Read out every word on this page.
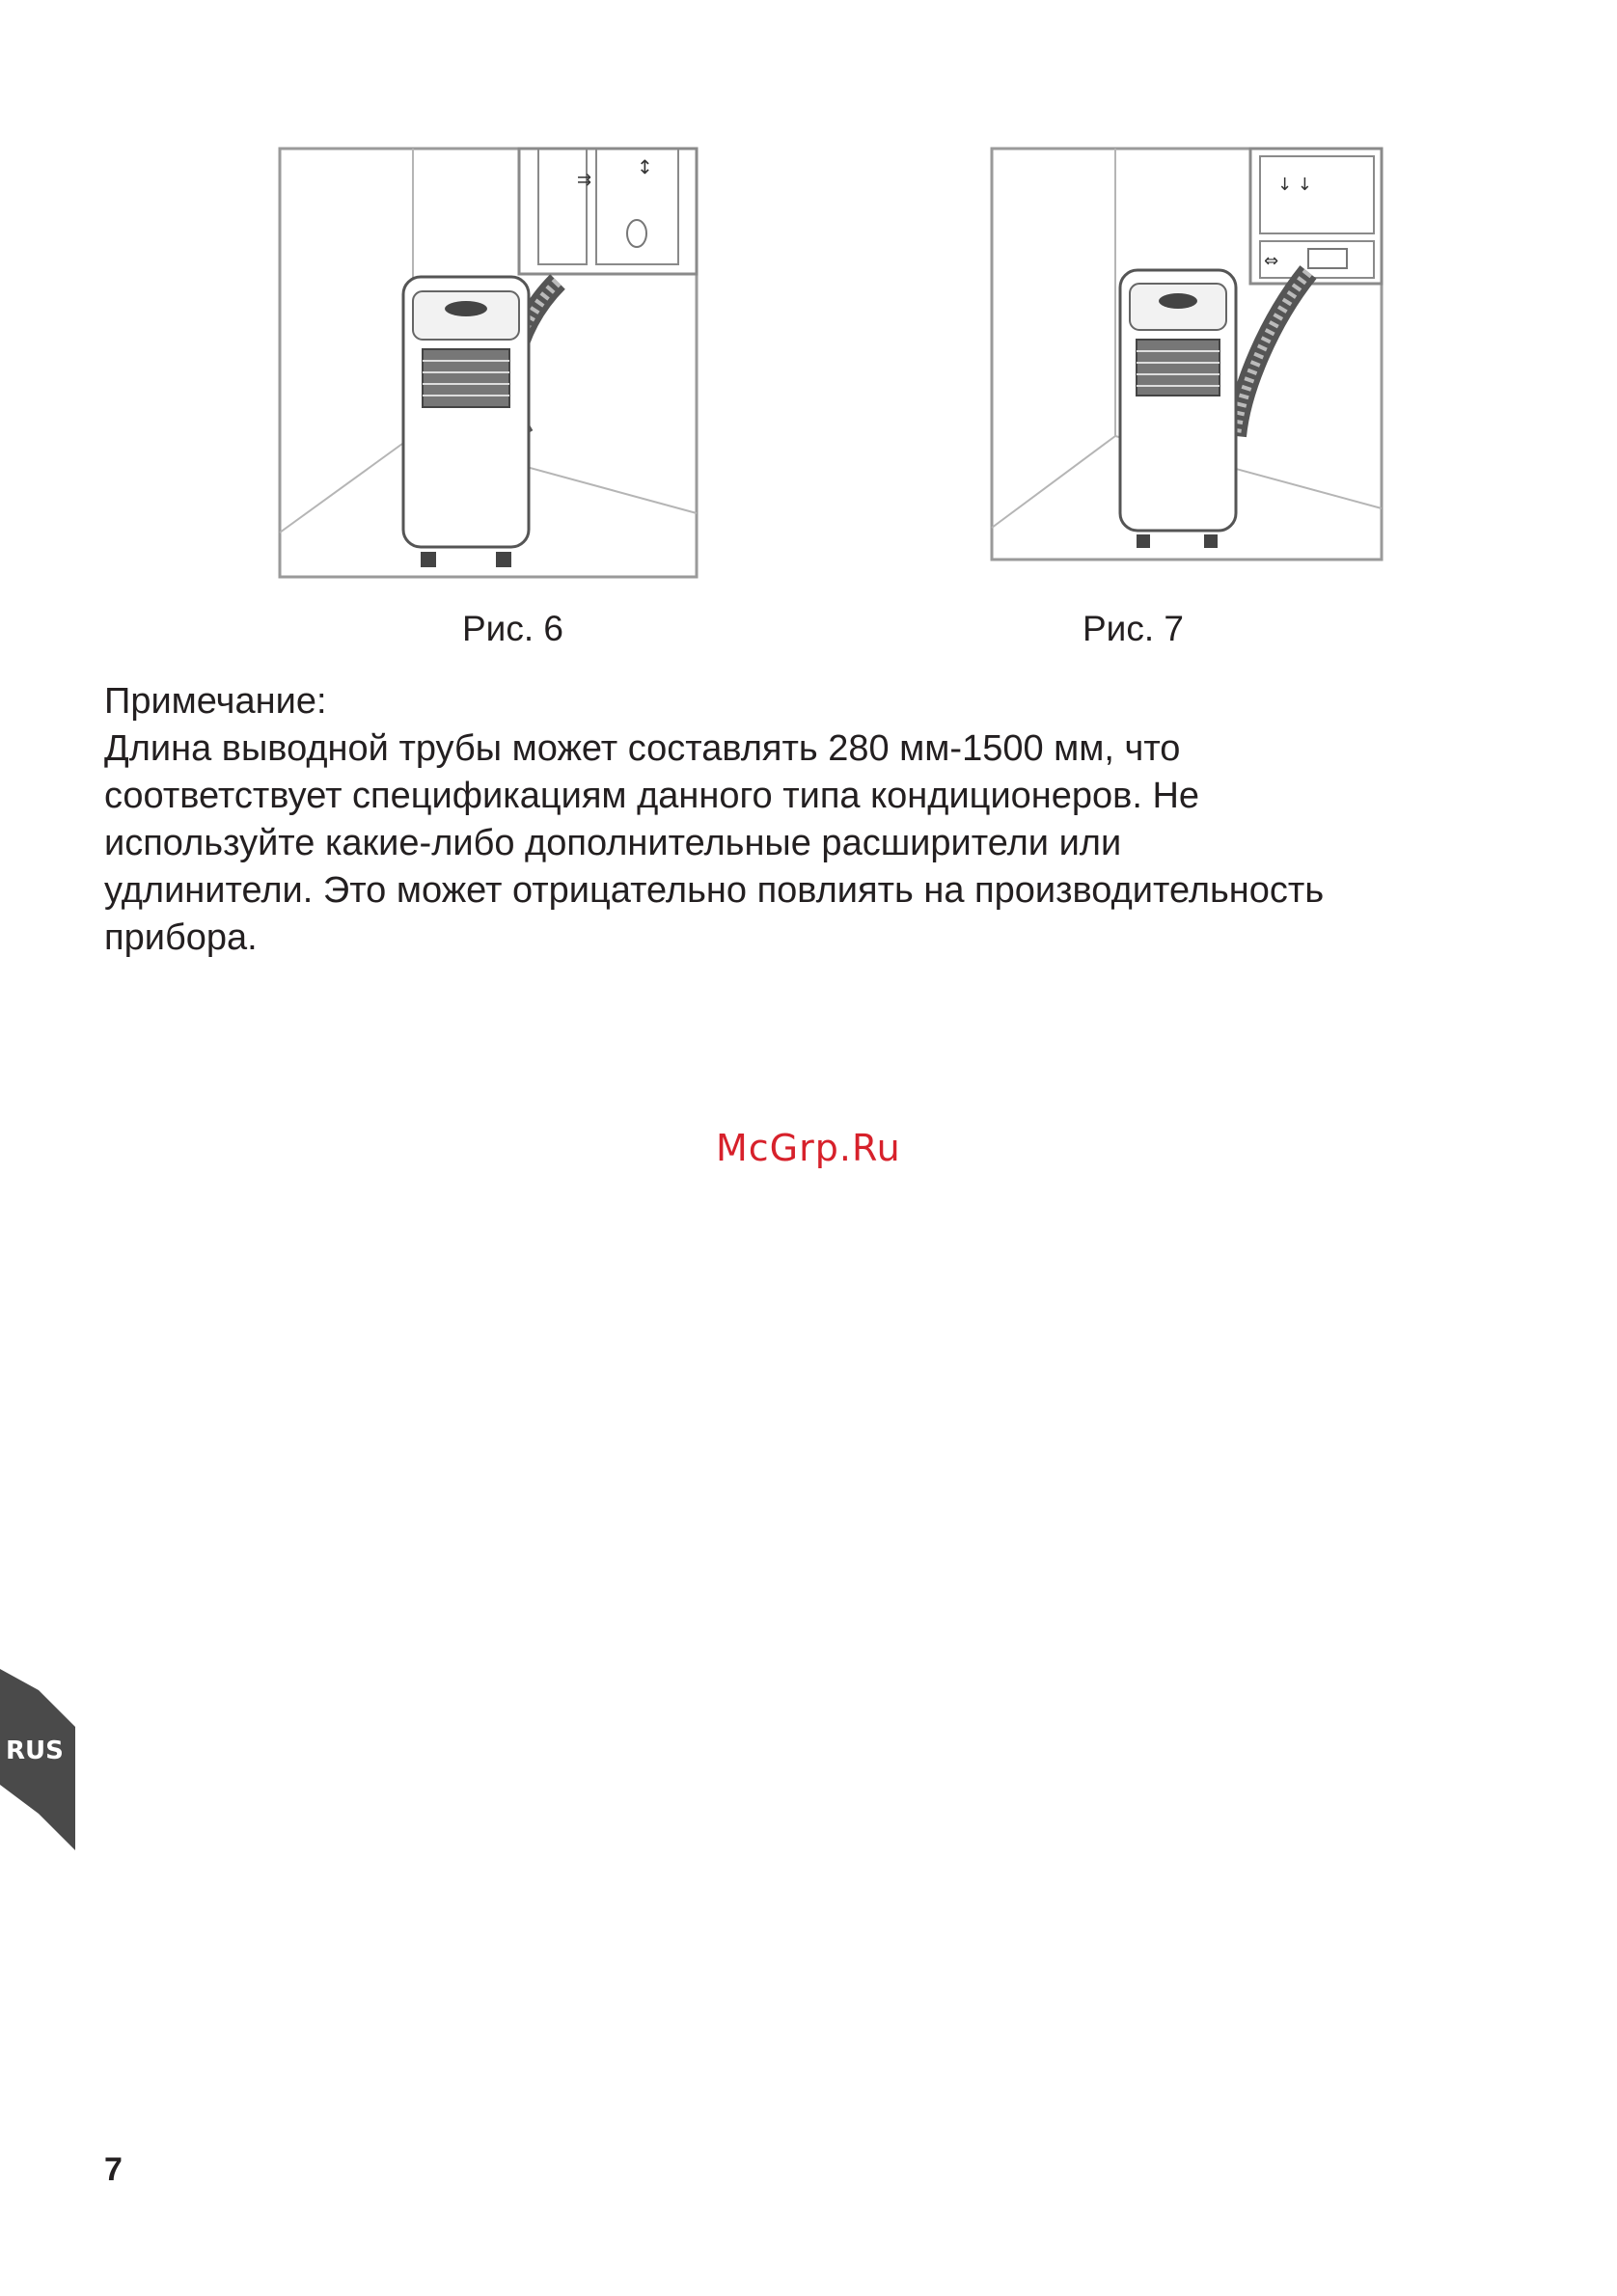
⇉
↕
↓ ↓
⇔
Рис. 6	Рис. 7
Примечание:
Длина выводной трубы может составлять 280 мм-1500 мм, что
соответствует спецификациям данного типа кондиционеров. Не
используйте какие-либо дополнительные расширители или
удлинители. Это может отрицательно повлиять на производительность
прибора.
McGrp.Ru
RUS
7
